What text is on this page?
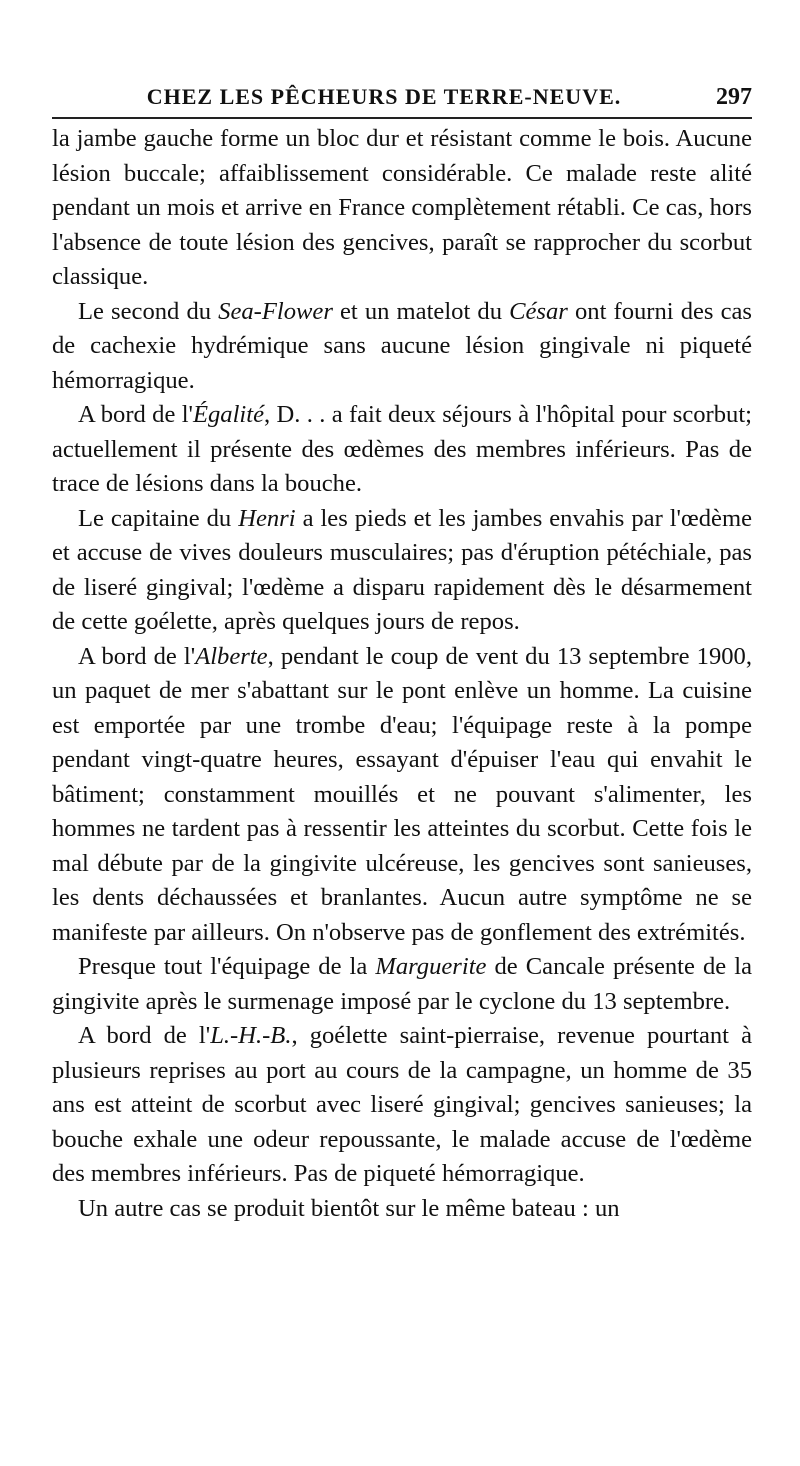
CHEZ LES PÊCHEURS DE TERRE-NEUVE.	297

la jambe gauche forme un bloc dur et résistant comme le bois. Aucune lésion buccale; affaiblissement considérable. Ce malade reste alité pendant un mois et arrive en France complètement rétabli. Ce cas, hors l'absence de toute lésion des gencives, paraît se rapprocher du scorbut classique.

Le second du Sea-Flower et un matelot du César ont fourni des cas de cachexie hydrémique sans aucune lésion gingivale ni piqueté hémorragique.

A bord de l'Égalité, D. . . a fait deux séjours à l'hôpital pour scorbut; actuellement il présente des œdèmes des membres inférieurs. Pas de trace de lésions dans la bouche.

Le capitaine du Henri a les pieds et les jambes envahis par l'œdème et accuse de vives douleurs musculaires; pas d'éruption pétéchiale, pas de liseré gingival; l'œdème a disparu rapidement dès le désarmement de cette goélette, après quelques jours de repos.

A bord de l'Alberte, pendant le coup de vent du 13 septembre 1900, un paquet de mer s'abattant sur le pont enlève un homme. La cuisine est emportée par une trombe d'eau; l'équipage reste à la pompe pendant vingt-quatre heures, essayant d'épuiser l'eau qui envahit le bâtiment; constamment mouillés et ne pouvant s'alimenter, les hommes ne tardent pas à ressentir les atteintes du scorbut. Cette fois le mal débute par de la gingivite ulcéreuse, les gencives sont sanieuses, les dents déchaussées et branlantes. Aucun autre symptôme ne se manifeste par ailleurs. On n'observe pas de gonflement des extrémités.

Presque tout l'équipage de la Marguerite de Cancale présente de la gingivite après le surmenage imposé par le cyclone du 13 septembre.

A bord de l'L.-H.-B., goélette saint-pierraise, revenue pourtant à plusieurs reprises au port au cours de la campagne, un homme de 35 ans est atteint de scorbut avec liseré gingival; gencives sanieuses; la bouche exhale une odeur repoussante, le malade accuse de l'œdème des membres inférieurs. Pas de piqueté hémorragique.

Un autre cas se produit bientôt sur le même bateau : un
